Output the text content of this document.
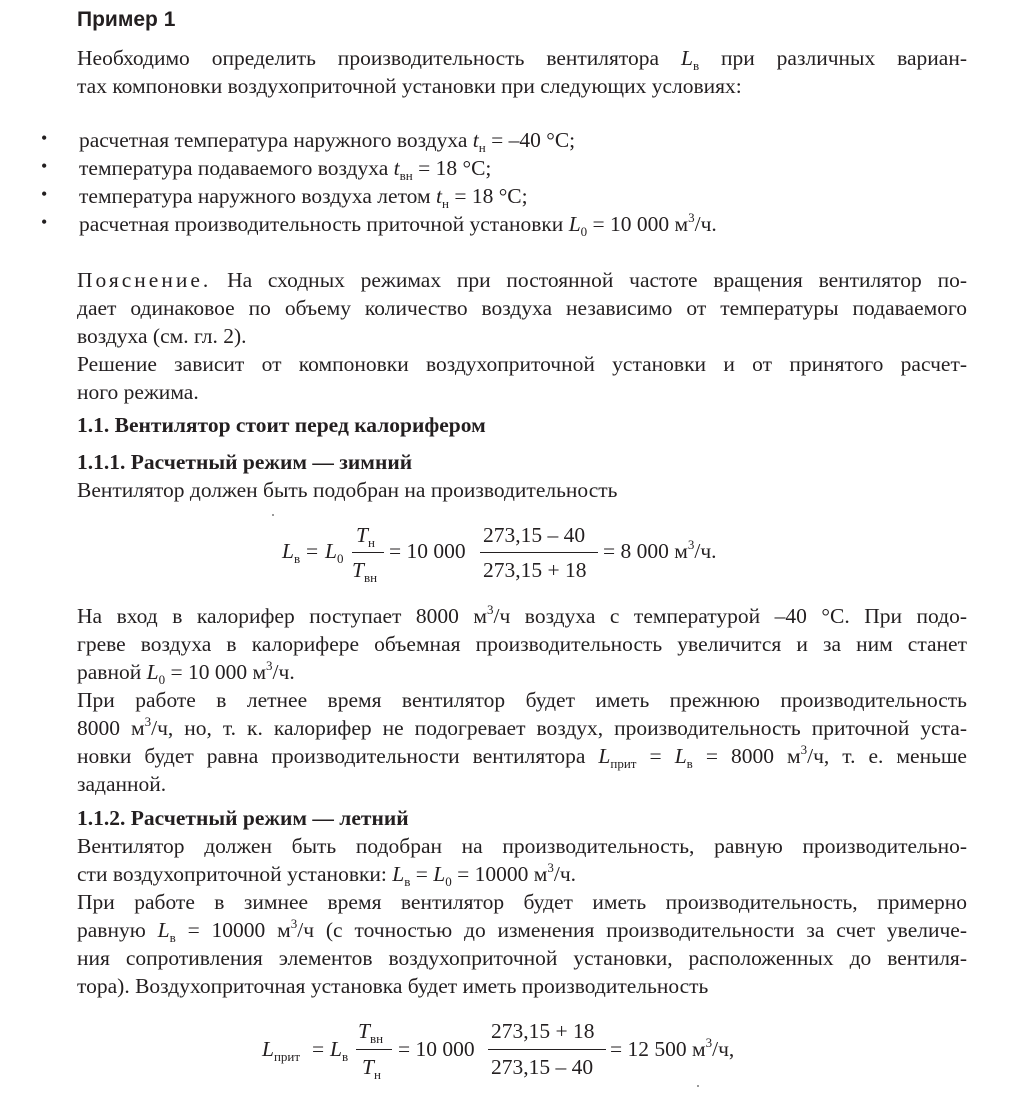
Пример 1
Необходимо определить производительность вентилятора $L_в$ при различных вариан-
тах компоновки воздухоприточной установки при следующих условиях:
• расчетная температура наружного воздуха $t_н = -40$ °C;
• температура подаваемого воздуха $t_{вн} = 18$ °C;
• температура наружного воздуха летом $t_н = 18$ °C;
• расчетная производительность приточной установки $L_0 = 10$ 000 $м^3/ч$.
Пояснение. На сходных режимах при постоянной частоте вращения вентилятор по-
дает одинаковое по объему количество воздуха независимо от температуры подаваемого
воздуха (см. гл. 2).
Решение зависит от компоновки воздухоприточной установки и от принятого расчет-
ного режима.
1.1. Вентилятор стоит перед калорифером
1.1.1. Расчетный режим — зимний
Вентилятор должен быть подобран на производительность
$L_в = L_0$
$T_н$
$T_{вн}$
= 10 000
273,15 – 40
273,15 + 18
= 8 000 $м^3/ч$.
На вход в калорифер поступает 8000 $м^3/ч$ воздуха с температурой –40 °C. При подо-
греве воздуха в калорифере объемная производительность увеличится и за ним станет
равной $L_0 = 10$ 000 $м^3/ч$.
При работе в летнее время вентилятор будет иметь прежнюю производительность
8000 $м^3/ч$, но, т. к. калорифер не подогревает воздух, производительность приточной уста-
новки будет равна производительности вентилятора $L_{прит} = L_в = 8000$ $м^3/ч$, т. е. меньше
заданной.
1.1.2. Расчетный режим — летний
Вентилятор должен быть подобран на производительность, равную производительно-
сти воздухоприточной установки: $L_в = L_0 = 10000$ $м^3/ч$.
При работе в зимнее время вентилятор будет иметь производительность, примерно
равную $L_в = 10000$ $м^3/ч$ (с точностью до изменения производительности за счет увеличе-
ния сопротивления элементов воздухоприточной установки, расположенных до вентиля-
тора). Воздухоприточная установка будет иметь производительность
$L_{прит} = L_в$
$T_{вн}$
$T_н$
= 10 000
273,15 + 18
273,15 – 40
= 12 500 $м^3/ч$,
